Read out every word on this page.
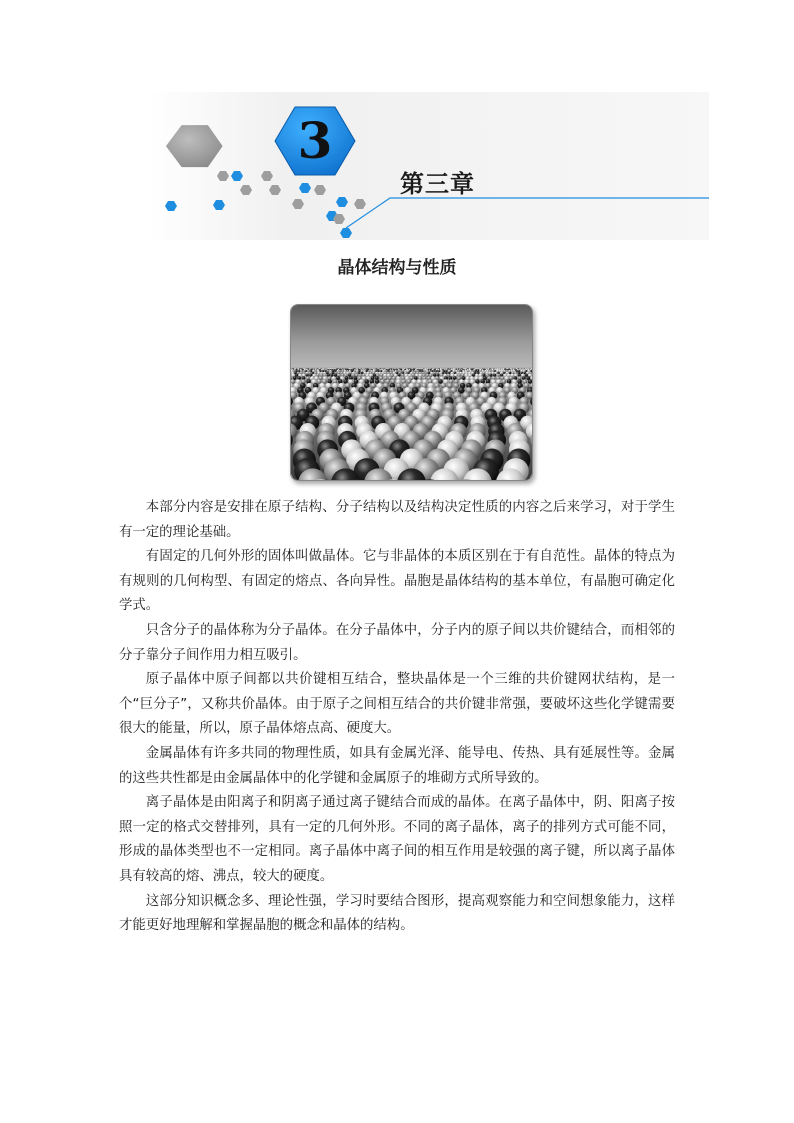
3
第三章
晶体结构与性质

本部分内容是安排在原子结构、分子结构以及结构决定性质的内容之后来学习，对于学生有一定的理论基础。

有固定的几何外形的固体叫做晶体。它与非晶体的本质区别在于有自范性。晶体的特点为有规则的几何构型、有固定的熔点、各向异性。晶胞是晶体结构的基本单位，有晶胞可确定化学式。

只含分子的晶体称为分子晶体。在分子晶体中，分子内的原子间以共价键结合，而相邻的分子靠分子间作用力相互吸引。

原子晶体中原子间都以共价键相互结合，整块晶体是一个三维的共价键网状结构，是一个“巨分子”，又称共价晶体。由于原子之间相互结合的共价键非常强，要破坏这些化学键需要很大的能量，所以，原子晶体熔点高、硬度大。

金属晶体有许多共同的物理性质，如具有金属光泽、能导电、传热、具有延展性等。金属的这些共性都是由金属晶体中的化学键和金属原子的堆砌方式所导致的。

离子晶体是由阳离子和阴离子通过离子键结合而成的晶体。在离子晶体中，阴、阳离子按照一定的格式交替排列，具有一定的几何外形。不同的离子晶体，离子的排列方式可能不同，形成的晶体类型也不一定相同。离子晶体中离子间的相互作用是较强的离子键，所以离子晶体具有较高的熔、沸点，较大的硬度。

这部分知识概念多、理论性强，学习时要结合图形，提高观察能力和空间想象能力，这样才能更好地理解和掌握晶胞的概念和晶体的结构。
